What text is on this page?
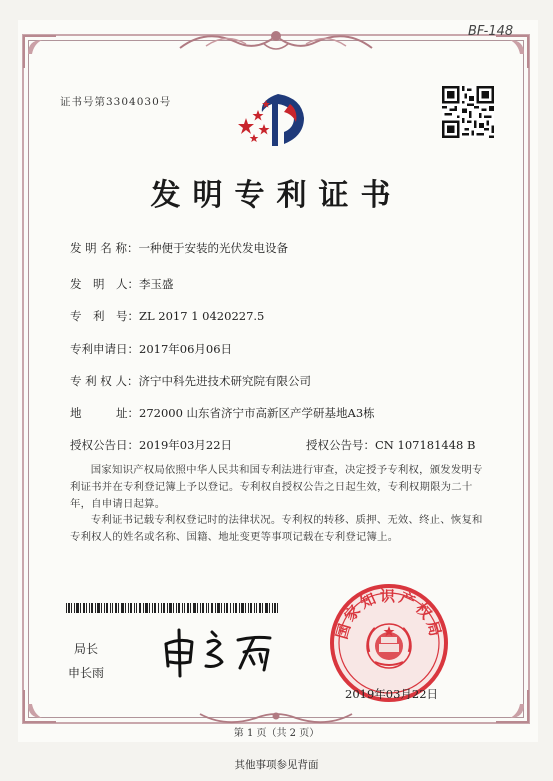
BF-148
证书号第3304030号
发明专利证书
发 明 名 称：一种便于安装的光伏发电设备
发　明　人：李玉盛
专　利　号：ZL 2017 1 0420227.5
专利申请日：2017年06月06日
专 利 权 人：济宁中科先进技术研究院有限公司
地　　　址：272000 山东省济宁市高新区产学研基地A3栋
授权公告日：2019年03月22日	授权公告号：CN 107181448 B
国家知识产权局依照中华人民共和国专利法进行审查，决定授予专利权，颁发发明专利证书并在专利登记簿上予以登记。专利权自授权公告之日起生效，专利权期限为二十年，自申请日起算。
专利证书记载专利权登记时的法律状况。专利权的转移、质押、无效、终止、恢复和专利权人的姓名或名称、国籍、地址变更等事项记载在专利登记簿上。
局长
申长雨
国家知识产权局
2019年03月22日
第 1 页（共 2 页）
其他事项参见背面
